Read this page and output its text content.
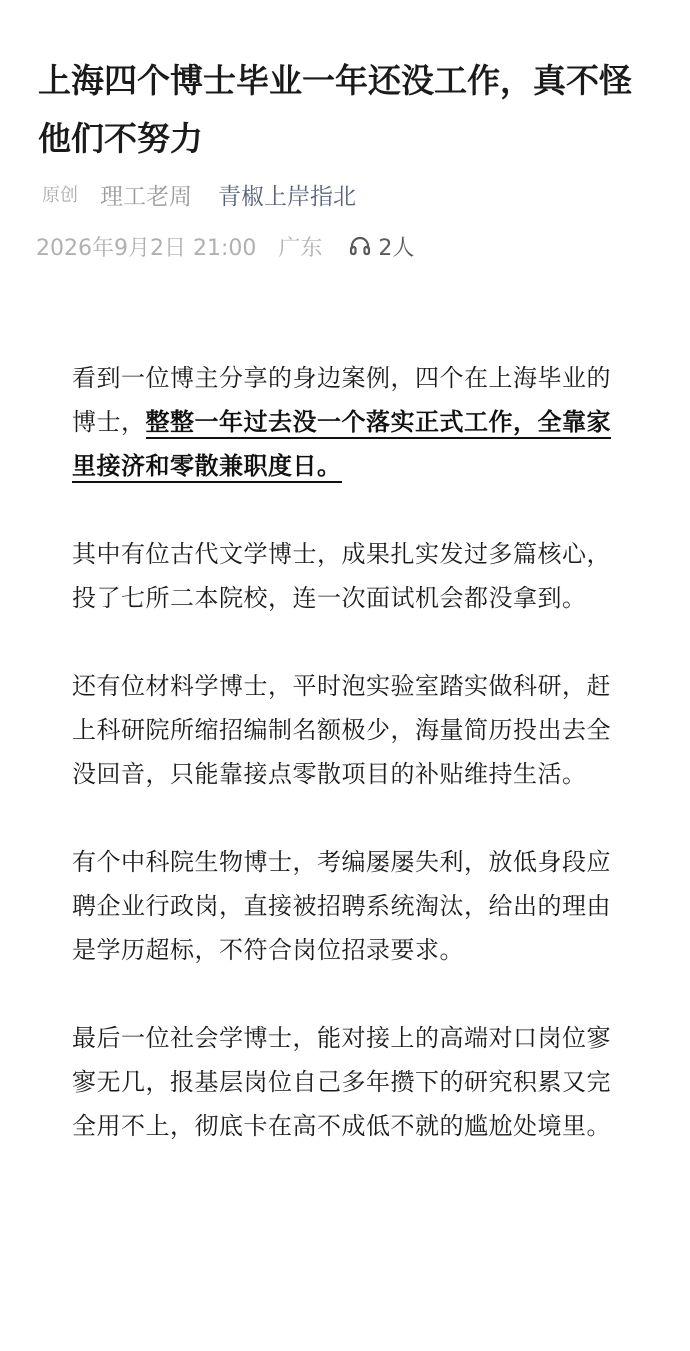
上海四个博士毕业一年还没工作，真不怪他们不努力
原创 理工老周 青椒上岸指北
2026年9月2日 21:00 广东	2人

看到一位博主分享的身边案例，四个在上海毕业的博士，整整一年过去没一个落实正式工作，全靠家里接济和零散兼职度日。

其中有位古代文学博士，成果扎实发过多篇核心，投了七所二本院校，连一次面试机会都没拿到。

还有位材料学博士，平时泡实验室踏实做科研，赶上科研院所缩招编制名额极少，海量简历投出去全没回音，只能靠接点零散项目的补贴维持生活。

有个中科院生物博士，考编屡屡失利，放低身段应聘企业行政岗，直接被招聘系统淘汰，给出的理由是学历超标，不符合岗位招录要求。

最后一位社会学博士，能对接上的高端对口岗位寥寥无几，报基层岗位自己多年攒下的研究积累又完全用不上，彻底卡在高不成低不就的尴尬处境里。
